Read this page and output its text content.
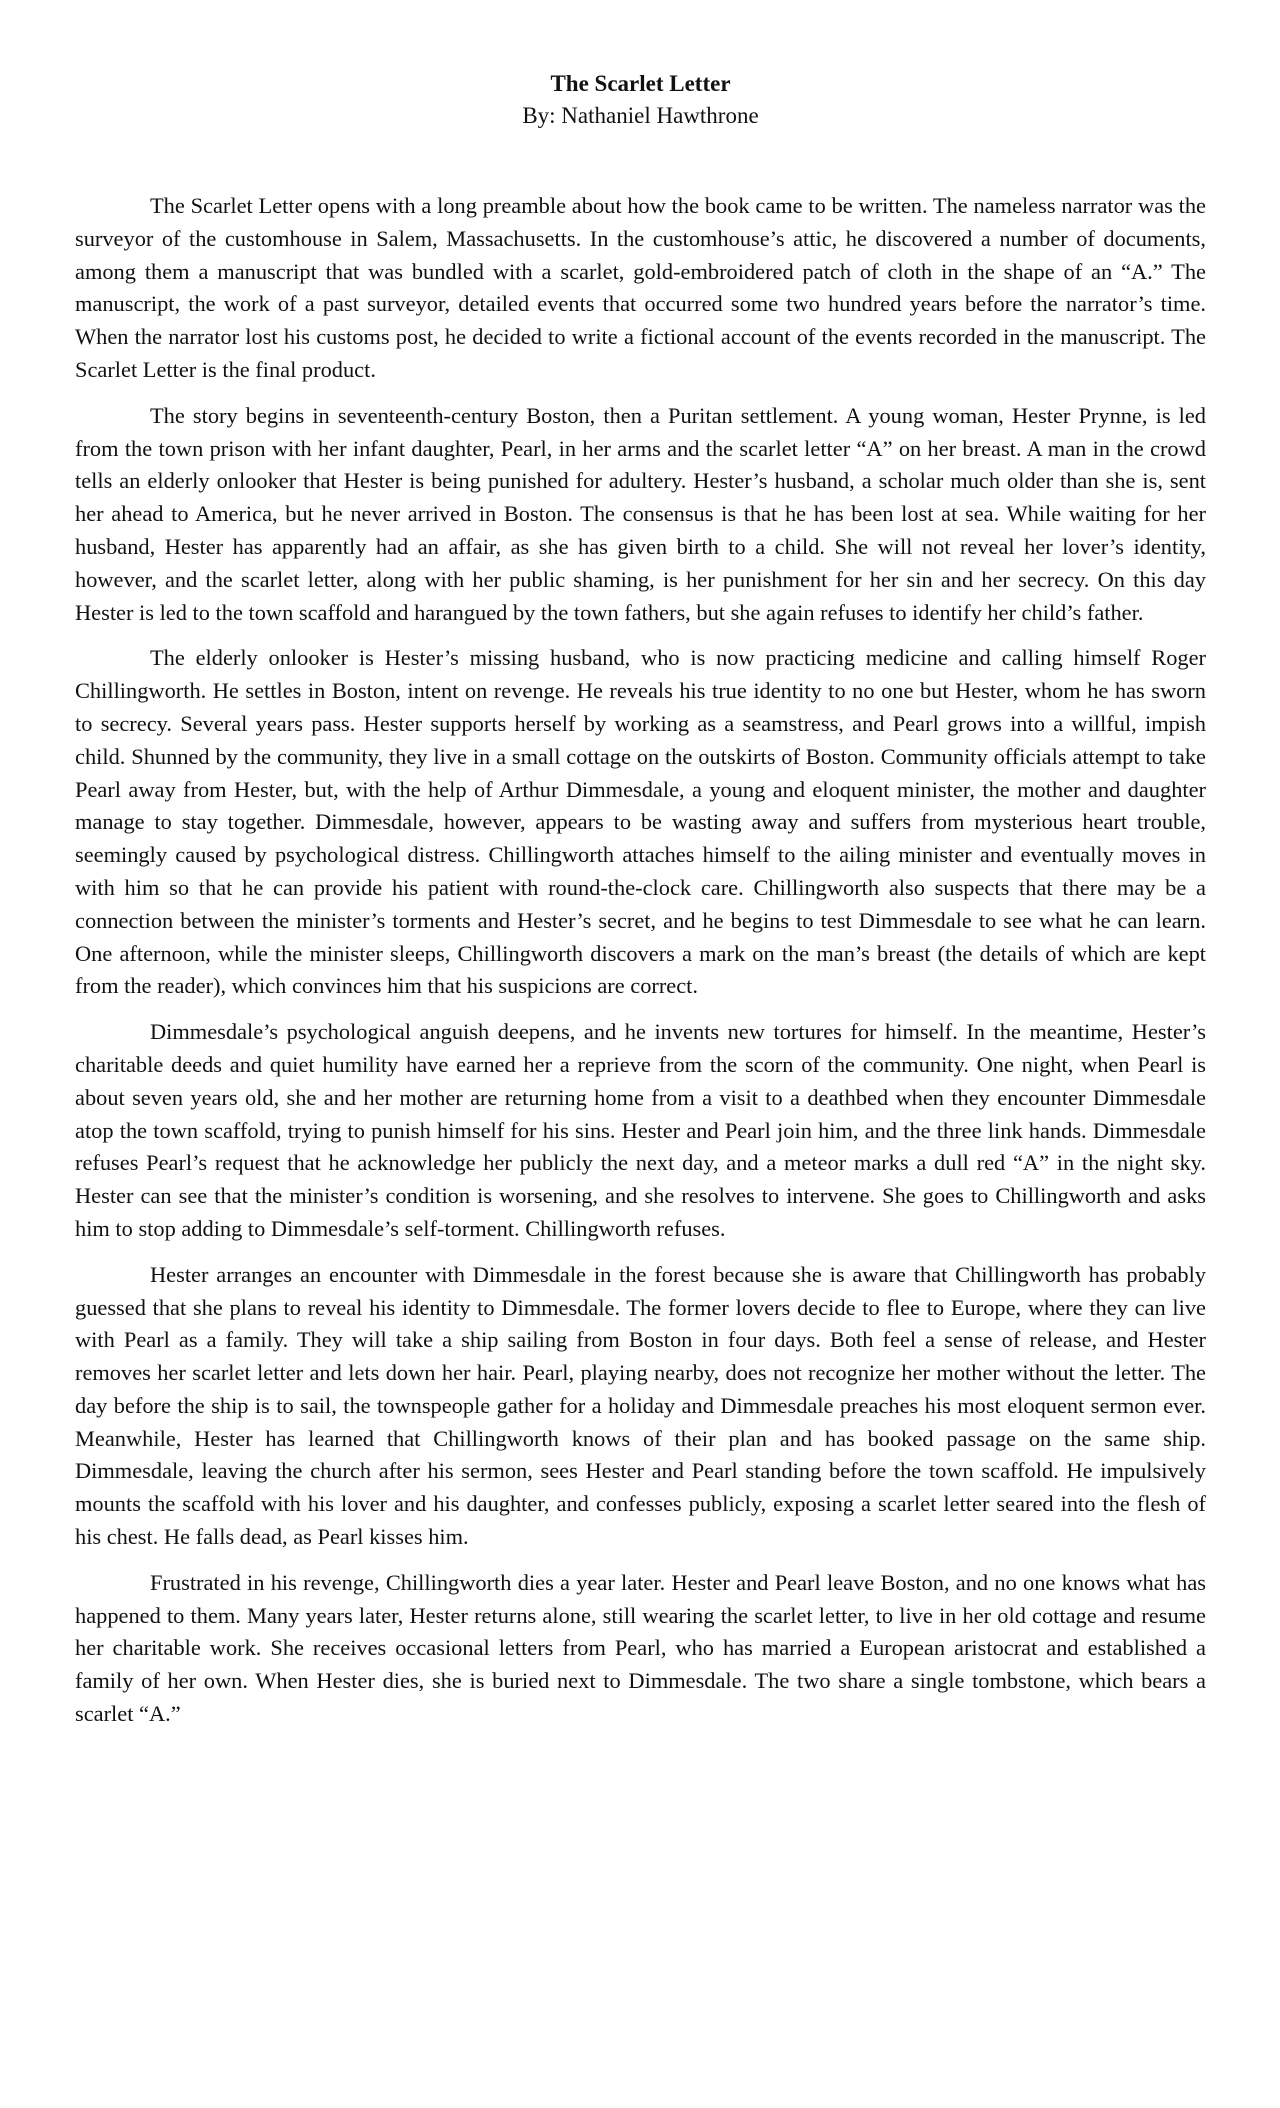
The Scarlet Letter

By: Nathaniel Hawthrone

The Scarlet Letter opens with a long preamble about how the book came to be written. The nameless narrator was the surveyor of the customhouse in Salem, Massachusetts. In the customhouse’s attic, he discovered a number of documents, among them a manuscript that was bundled with a scarlet, gold-embroidered patch of cloth in the shape of an “A.” The manuscript, the work of a past surveyor, detailed events that occurred some two hundred years before the narrator’s time. When the narrator lost his customs post, he decided to write a fictional account of the events recorded in the manuscript. The Scarlet Letter is the final product.

The story begins in seventeenth-century Boston, then a Puritan settlement. A young woman, Hester Prynne, is led from the town prison with her infant daughter, Pearl, in her arms and the scarlet letter “A” on her breast. A man in the crowd tells an elderly onlooker that Hester is being punished for adultery. Hester’s husband, a scholar much older than she is, sent her ahead to America, but he never arrived in Boston. The consensus is that he has been lost at sea. While waiting for her husband, Hester has apparently had an affair, as she has given birth to a child. She will not reveal her lover’s identity, however, and the scarlet letter, along with her public shaming, is her punishment for her sin and her secrecy. On this day Hester is led to the town scaffold and harangued by the town fathers, but she again refuses to identify her child’s father.

The elderly onlooker is Hester’s missing husband, who is now practicing medicine and calling himself Roger Chillingworth. He settles in Boston, intent on revenge. He reveals his true identity to no one but Hester, whom he has sworn to secrecy. Several years pass. Hester supports herself by working as a seamstress, and Pearl grows into a willful, impish child. Shunned by the community, they live in a small cottage on the outskirts of Boston. Community officials attempt to take Pearl away from Hester, but, with the help of Arthur Dimmesdale, a young and eloquent minister, the mother and daughter manage to stay together. Dimmesdale, however, appears to be wasting away and suffers from mysterious heart trouble, seemingly caused by psychological distress. Chillingworth attaches himself to the ailing minister and eventually moves in with him so that he can provide his patient with round-the-clock care. Chillingworth also suspects that there may be a connection between the minister’s torments and Hester’s secret, and he begins to test Dimmesdale to see what he can learn. One afternoon, while the minister sleeps, Chillingworth discovers a mark on the man’s breast (the details of which are kept from the reader), which convinces him that his suspicions are correct.

Dimmesdale’s psychological anguish deepens, and he invents new tortures for himself. In the meantime, Hester’s charitable deeds and quiet humility have earned her a reprieve from the scorn of the community. One night, when Pearl is about seven years old, she and her mother are returning home from a visit to a deathbed when they encounter Dimmesdale atop the town scaffold, trying to punish himself for his sins. Hester and Pearl join him, and the three link hands. Dimmesdale refuses Pearl’s request that he acknowledge her publicly the next day, and a meteor marks a dull red “A” in the night sky. Hester can see that the minister’s condition is worsening, and she resolves to intervene. She goes to Chillingworth and asks him to stop adding to Dimmesdale’s self-torment. Chillingworth refuses.

Hester arranges an encounter with Dimmesdale in the forest because she is aware that Chillingworth has probably guessed that she plans to reveal his identity to Dimmesdale. The former lovers decide to flee to Europe, where they can live with Pearl as a family. They will take a ship sailing from Boston in four days. Both feel a sense of release, and Hester removes her scarlet letter and lets down her hair. Pearl, playing nearby, does not recognize her mother without the letter. The day before the ship is to sail, the townspeople gather for a holiday and Dimmesdale preaches his most eloquent sermon ever. Meanwhile, Hester has learned that Chillingworth knows of their plan and has booked passage on the same ship. Dimmesdale, leaving the church after his sermon, sees Hester and Pearl standing before the town scaffold. He impulsively mounts the scaffold with his lover and his daughter, and confesses publicly, exposing a scarlet letter seared into the flesh of his chest. He falls dead, as Pearl kisses him.

Frustrated in his revenge, Chillingworth dies a year later. Hester and Pearl leave Boston, and no one knows what has happened to them. Many years later, Hester returns alone, still wearing the scarlet letter, to live in her old cottage and resume her charitable work. She receives occasional letters from Pearl, who has married a European aristocrat and established a family of her own. When Hester dies, she is buried next to Dimmesdale. The two share a single tombstone, which bears a scarlet “A.”
